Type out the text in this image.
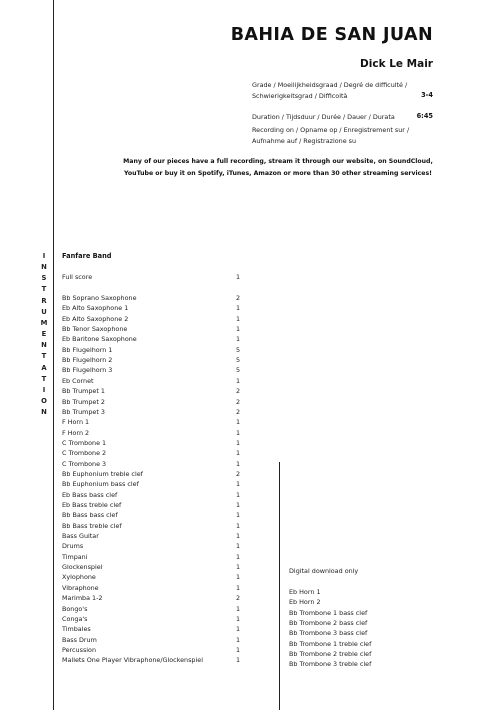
I
N
S
T
R
U
M
E
N
T
A
T
I
O
N
BAHIA DE SAN JUAN
Dick Le Mair
Grade / Moeilijkheidsgraad / Degré de difficulté /
Schwierigkeitsgrad / Difficoltà	3-4
Duration / Tijdsduur / Durée / Dauer / Durata	6:45
Recording on / Opname op / Enregistrement sur /
Aufnahme auf / Registrazione su
Many of our pieces have a full recording, stream it through our website, on SoundCloud,
YouTube or buy it on Spotify, iTunes, Amazon or more than 30 other streaming services!
Fanfare Band
Full score	1
Bb Soprano Saxophone	2
Eb Alto Saxophone 1	1
Eb Alto Saxophone 2	1
Bb Tenor Saxophone	1
Eb Baritone Saxophone	1
Bb Flugelhorn 1	5
Bb Flugelhorn 2	5
Bb Flugelhorn 3	5
Eb Cornet	1
Bb Trumpet 1	2
Bb Trumpet 2	2
Bb Trumpet 3	2
F Horn 1	1
F Horn 2	1
C Trombone 1	1
C Trombone 2	1
C Trombone 3	1
Bb Euphonium treble clef	2
Bb Euphonium bass clef	1
Eb Bass bass clef	1
Eb Bass treble clef	1
Bb Bass bass clef	1
Bb Bass treble clef	1
Bass Guitar	1
Drums	1
Timpani	1
Glockenspiel	1
Xylophone	1
Vibraphone	1
Marimba 1-2	2
Bongo's	1
Conga's	1
Timbales	1
Bass Drum	1
Percussion	1
Mallets One Player Vibraphone/Glockenspiel	1
Digital download only
Eb Horn 1
Eb Horn 2
Bb Trombone 1 bass clef
Bb Trombone 2 bass clef
Bb Trombone 3 bass clef
Bb Trombone 1 treble clef
Bb Trombone 2 treble clef
Bb Trombone 3 treble clef
